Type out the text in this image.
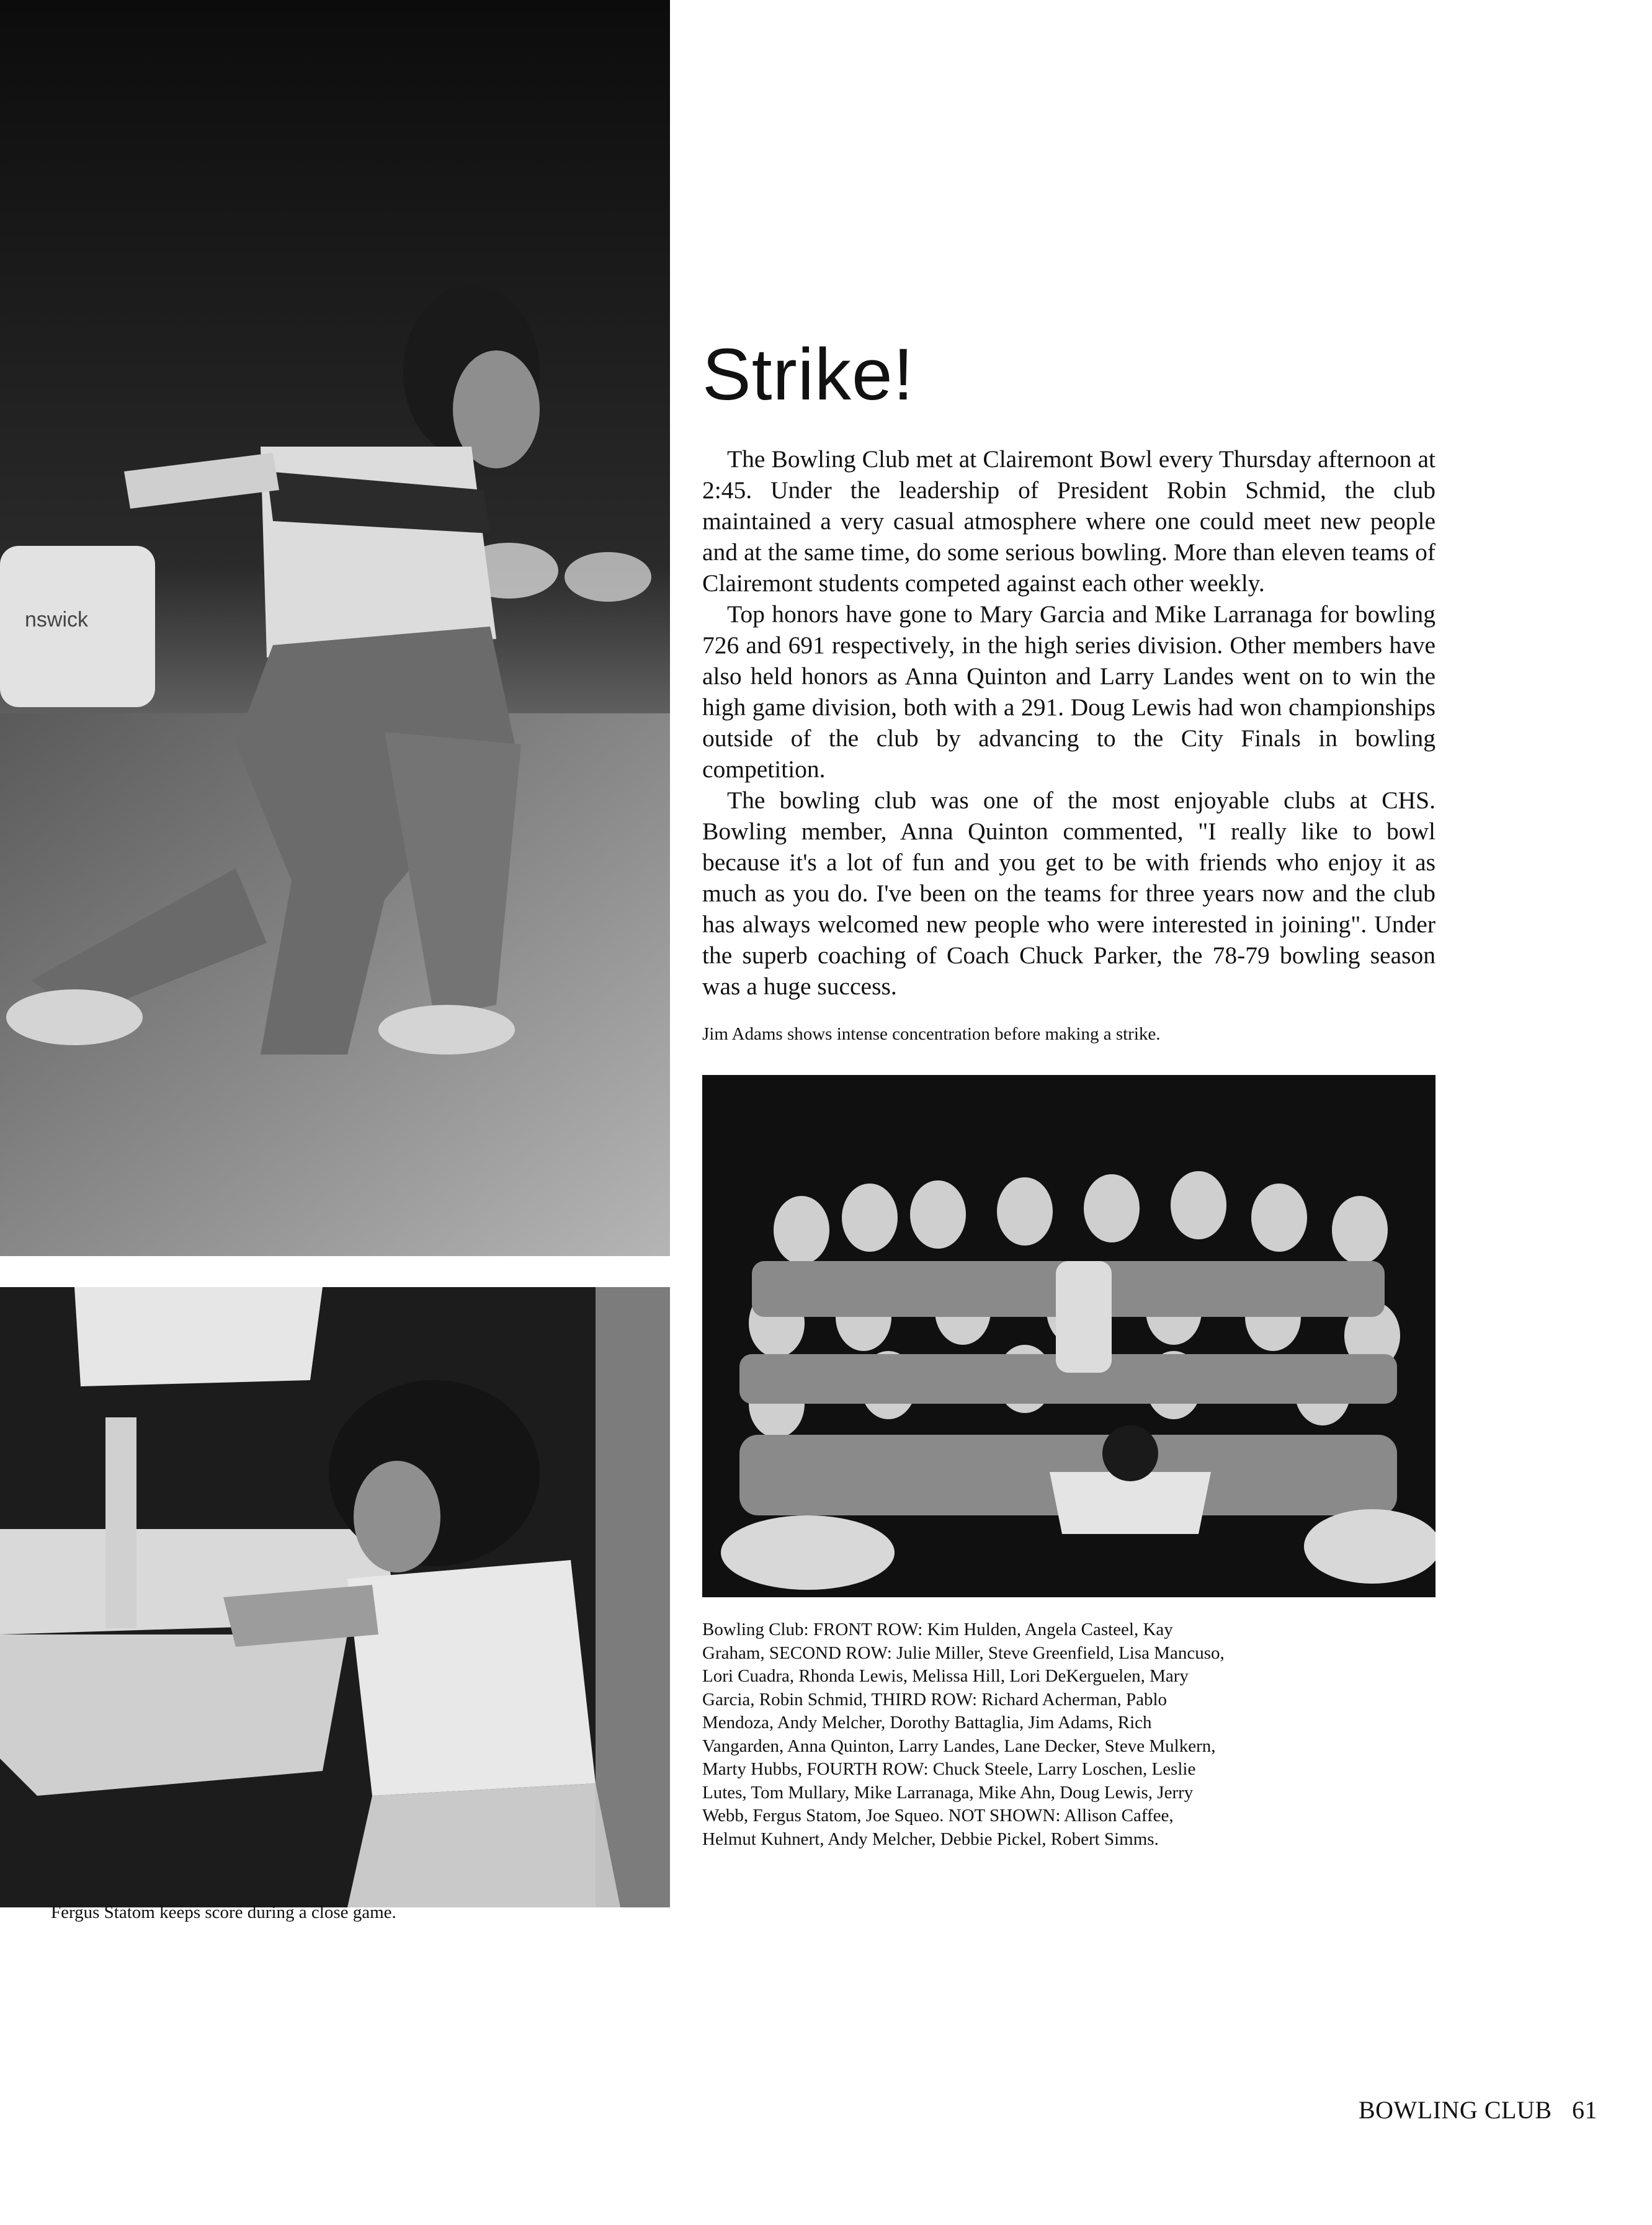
nswick
Strike!

The Bowling Club met at Clairemont Bowl every Thursday afternoon at 2:45. Under the leadership of President Robin Schmid, the club maintained a very casual atmosphere where one could meet new people and at the same time, do some serious bowling. More than eleven teams of Clairemont students competed against each other weekly.

Top honors have gone to Mary Garcia and Mike Larranaga for bowling 726 and 691 respectively, in the high series division. Other members have also held honors as Anna Quinton and Larry Landes went on to win the high game division, both with a 291. Doug Lewis had won championships outside of the club by advancing to the City Finals in bowling competition.

The bowling club was one of the most enjoyable clubs at CHS. Bowling member, Anna Quinton commented, "I really like to bowl because it's a lot of fun and you get to be with friends who enjoy it as much as you do. I've been on the teams for three years now and the club has always welcomed new people who were interested in joining". Under the superb coaching of Coach Chuck Parker, the 78-79 bowling season was a huge success.

Jim Adams shows intense concentration before making a strike.

Fergus Statom keeps score during a close game.

Bowling Club: FRONT ROW: Kim Hulden, Angela Casteel, Kay Graham, SECOND ROW: Julie Miller, Steve Greenfield, Lisa Mancuso, Lori Cuadra, Rhonda Lewis, Melissa Hill, Lori DeKerguelen, Mary Garcia, Robin Schmid, THIRD ROW: Richard Acherman, Pablo Mendoza, Andy Melcher, Dorothy Battaglia, Jim Adams, Rich Vangarden, Anna Quinton, Larry Landes, Lane Decker, Steve Mulkern, Marty Hubbs, FOURTH ROW: Chuck Steele, Larry Loschen, Leslie Lutes, Tom Mullary, Mike Larranaga, Mike Ahn, Doug Lewis, Jerry Webb, Fergus Statom, Joe Squeo. NOT SHOWN: Allison Caffee, Helmut Kuhnert, Andy Melcher, Debbie Pickel, Robert Simms.

BOWLING CLUB 61
